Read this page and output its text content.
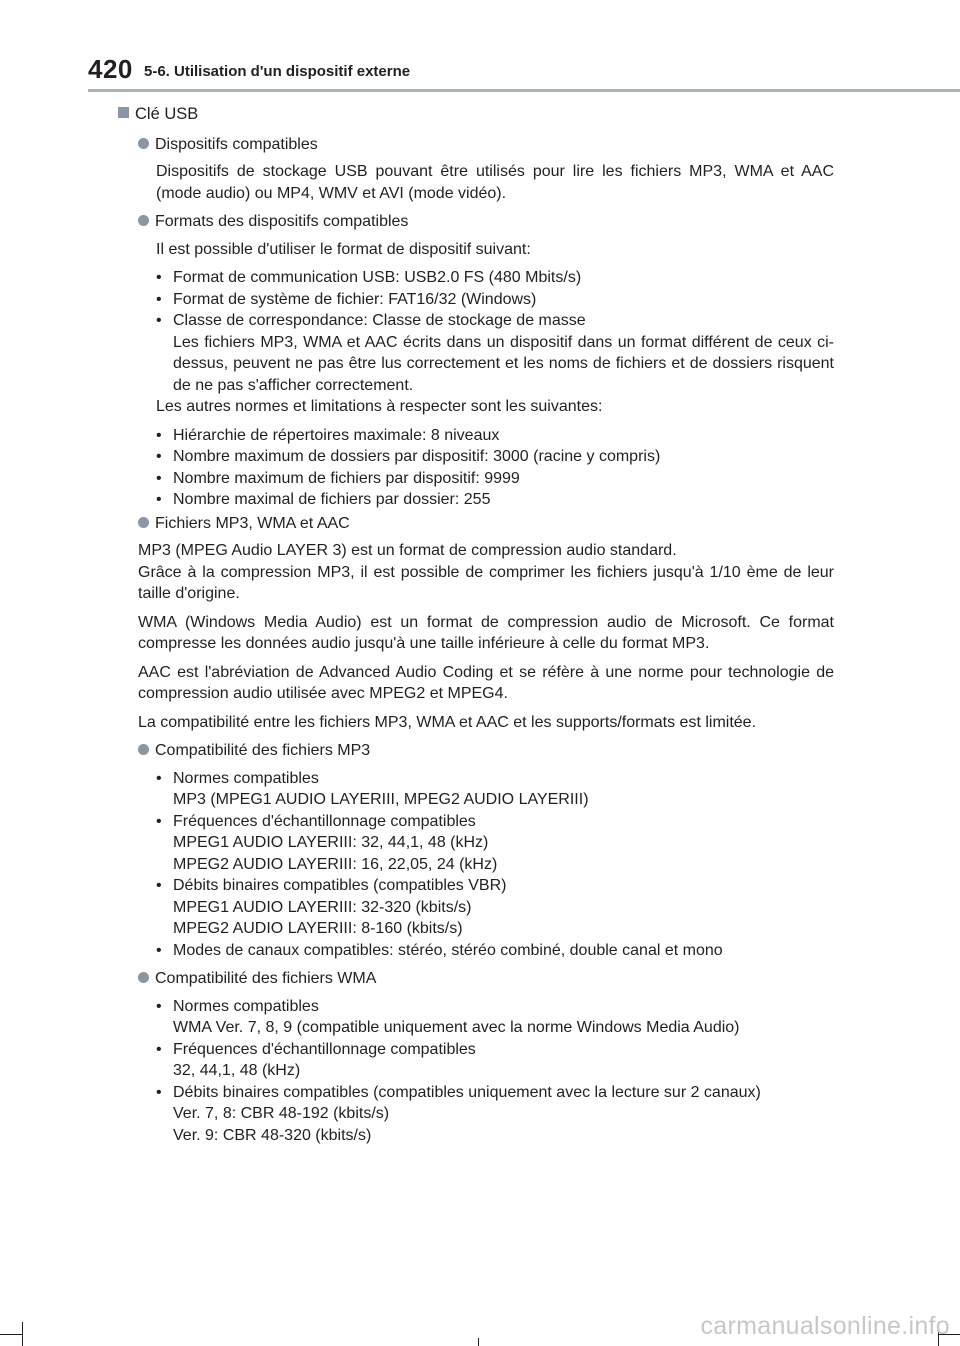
420 5-6. Utilisation d'un dispositif externe
Clé USB
Dispositifs compatibles

Dispositifs de stockage USB pouvant être utilisés pour lire les fichiers MP3, WMA et AAC (mode audio) ou MP4, WMV et AVI (mode vidéo).

Formats des dispositifs compatibles

Il est possible d'utiliser le format de dispositif suivant:

• Format de communication USB: USB2.0 FS (480 Mbits/s)
• Format de système de fichier: FAT16/32 (Windows)
• Classe de correspondance: Classe de stockage de masse
Les fichiers MP3, WMA et AAC écrits dans un dispositif dans un format différent de ceux ci-dessus, peuvent ne pas être lus correctement et les noms de fichiers et de dossiers risquent de ne pas s'afficher correctement.

Les autres normes et limitations à respecter sont les suivantes:

• Hiérarchie de répertoires maximale: 8 niveaux
• Nombre maximum de dossiers par dispositif: 3000 (racine y compris)
• Nombre maximum de fichiers par dispositif: 9999
• Nombre maximal de fichiers par dossier: 255
Fichiers MP3, WMA et AAC

MP3 (MPEG Audio LAYER 3) est un format de compression audio standard.

Grâce à la compression MP3, il est possible de comprimer les fichiers jusqu'à 1/10 ème de leur taille d'origine.

WMA (Windows Media Audio) est un format de compression audio de Microsoft. Ce format compresse les données audio jusqu'à une taille inférieure à celle du format MP3.

AAC est l'abréviation de Advanced Audio Coding et se réfère à une norme pour technologie de compression audio utilisée avec MPEG2 et MPEG4.

La compatibilité entre les fichiers MP3, WMA et AAC et les supports/formats est limitée.

Compatibilité des fichiers MP3
• Normes compatibles
MP3 (MPEG1 AUDIO LAYERIII, MPEG2 AUDIO LAYERIII)
• Fréquences d'échantillonnage compatibles
MPEG1 AUDIO LAYERIII: 32, 44,1, 48 (kHz)
MPEG2 AUDIO LAYERIII: 16, 22,05, 24 (kHz)
• Débits binaires compatibles (compatibles VBR)
MPEG1 AUDIO LAYERIII: 32-320 (kbits/s)
MPEG2 AUDIO LAYERIII: 8-160 (kbits/s)
• Modes de canaux compatibles: stéréo, stéréo combiné, double canal et mono
Compatibilité des fichiers WMA
• Normes compatibles
WMA Ver. 7, 8, 9 (compatible uniquement avec la norme Windows Media Audio)
• Fréquences d'échantillonnage compatibles
32, 44,1, 48 (kHz)
• Débits binaires compatibles (compatibles uniquement avec la lecture sur 2 canaux)
Ver. 7, 8: CBR 48-192 (kbits/s)
Ver. 9: CBR 48-320 (kbits/s)
carmanualsonline.info
